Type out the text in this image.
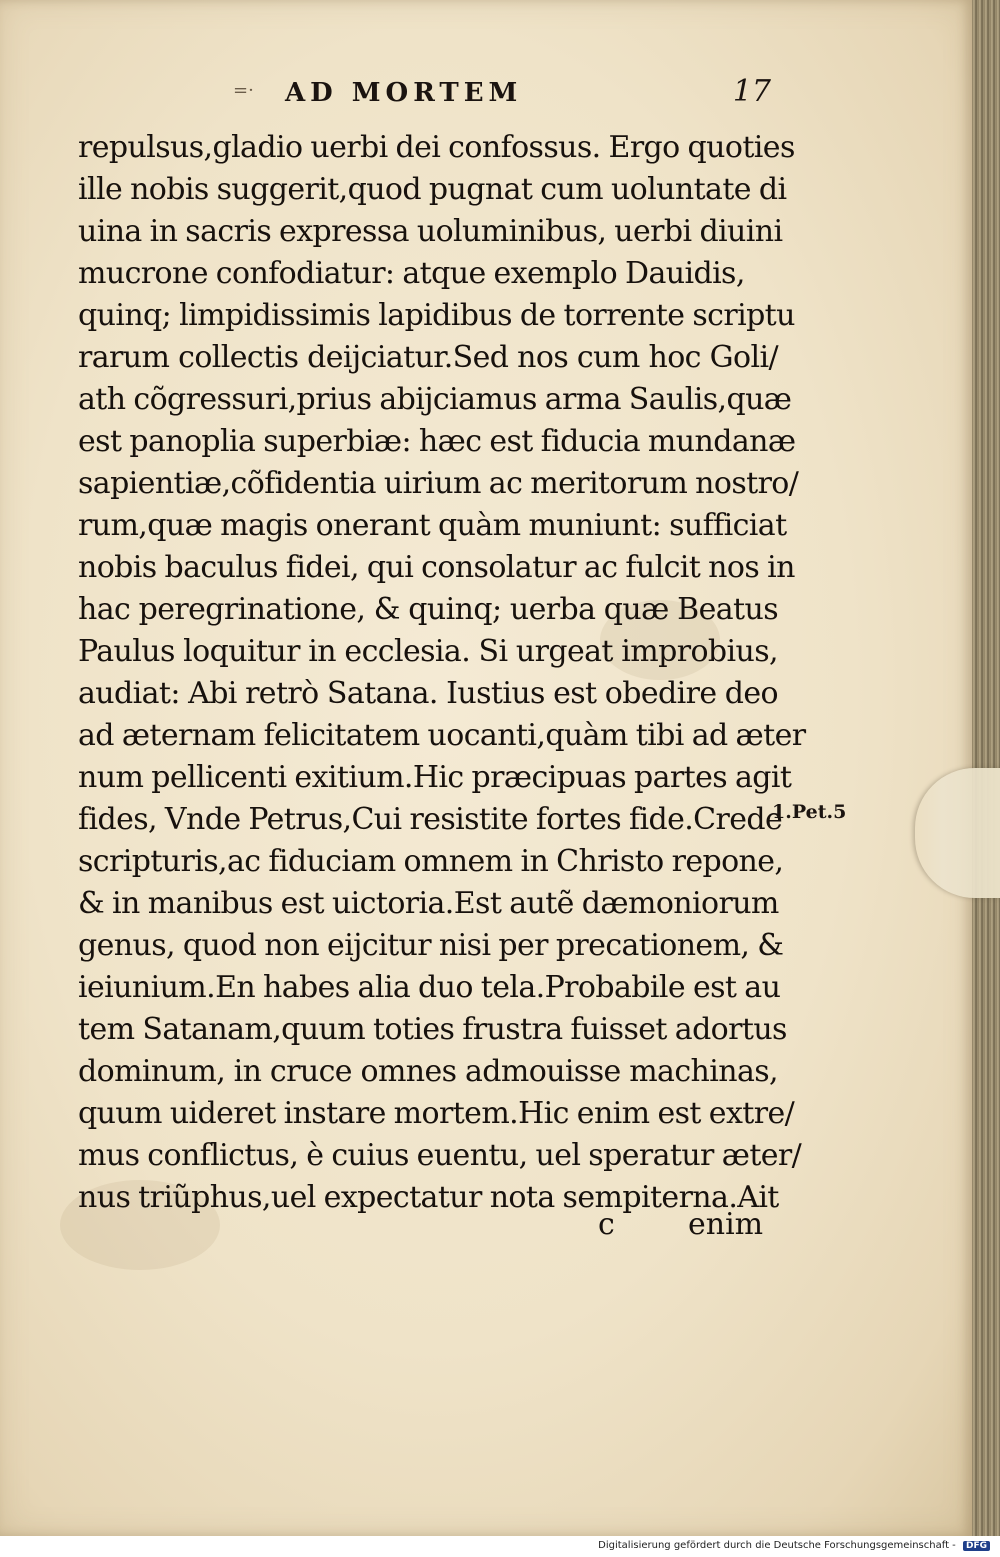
=· AD MORTEM	17
repulsus,gladio uerbi dei confossus. Ergo quoties
ille nobis suggerit,quod pugnat cum uoluntate di
uina in sacris expressa uoluminibus, uerbi diuini
mucrone confodiatur: atque exemplo Dauidis,
quinq; limpidissimis lapidibus de torrente scriptu
rarum collectis deijciatur.Sed nos cum hoc Goli/
ath cõgressuri,prius abijciamus arma Saulis,quæ
est panoplia superbiæ: hæc est fiducia mundanæ
sapientiæ,cõfidentia uirium ac meritorum nostro/
rum,quæ magis onerant quàm muniunt: sufficiat
nobis baculus fidei, qui consolatur ac fulcit nos in
hac peregrinatione, & quinq; uerba quæ Beatus
Paulus loquitur in ecclesia. Si urgeat improbius,
audiat: Abi retrò Satana. Iustius est obedire deo
ad æternam felicitatem uocanti,quàm tibi ad æter
num pellicenti exitium.Hic præcipuas partes agit
fides, Vnde Petrus,Cui resistite fortes fide.Crede
scripturis,ac fiduciam omnem in Christo repone,
& in manibus est uictoria.Est autẽ dæmoniorum
genus, quod non eijcitur nisi per precationem, &
ieiunium.En habes alia duo tela.Probabile est au
tem Satanam,quum toties frustra fuisset adortus
dominum, in cruce omnes admouisse machinas,
quum uideret instare mortem.Hic enim est extre/
mus conflictus, è cuius euentu, uel speratur æter/
nus triũphus,uel expectatur nota sempiterna.Ait
1.Pet.5
c enim
Digitalisierung gefördert durch die Deutsche Forschungsgemeinschaft - DFG
